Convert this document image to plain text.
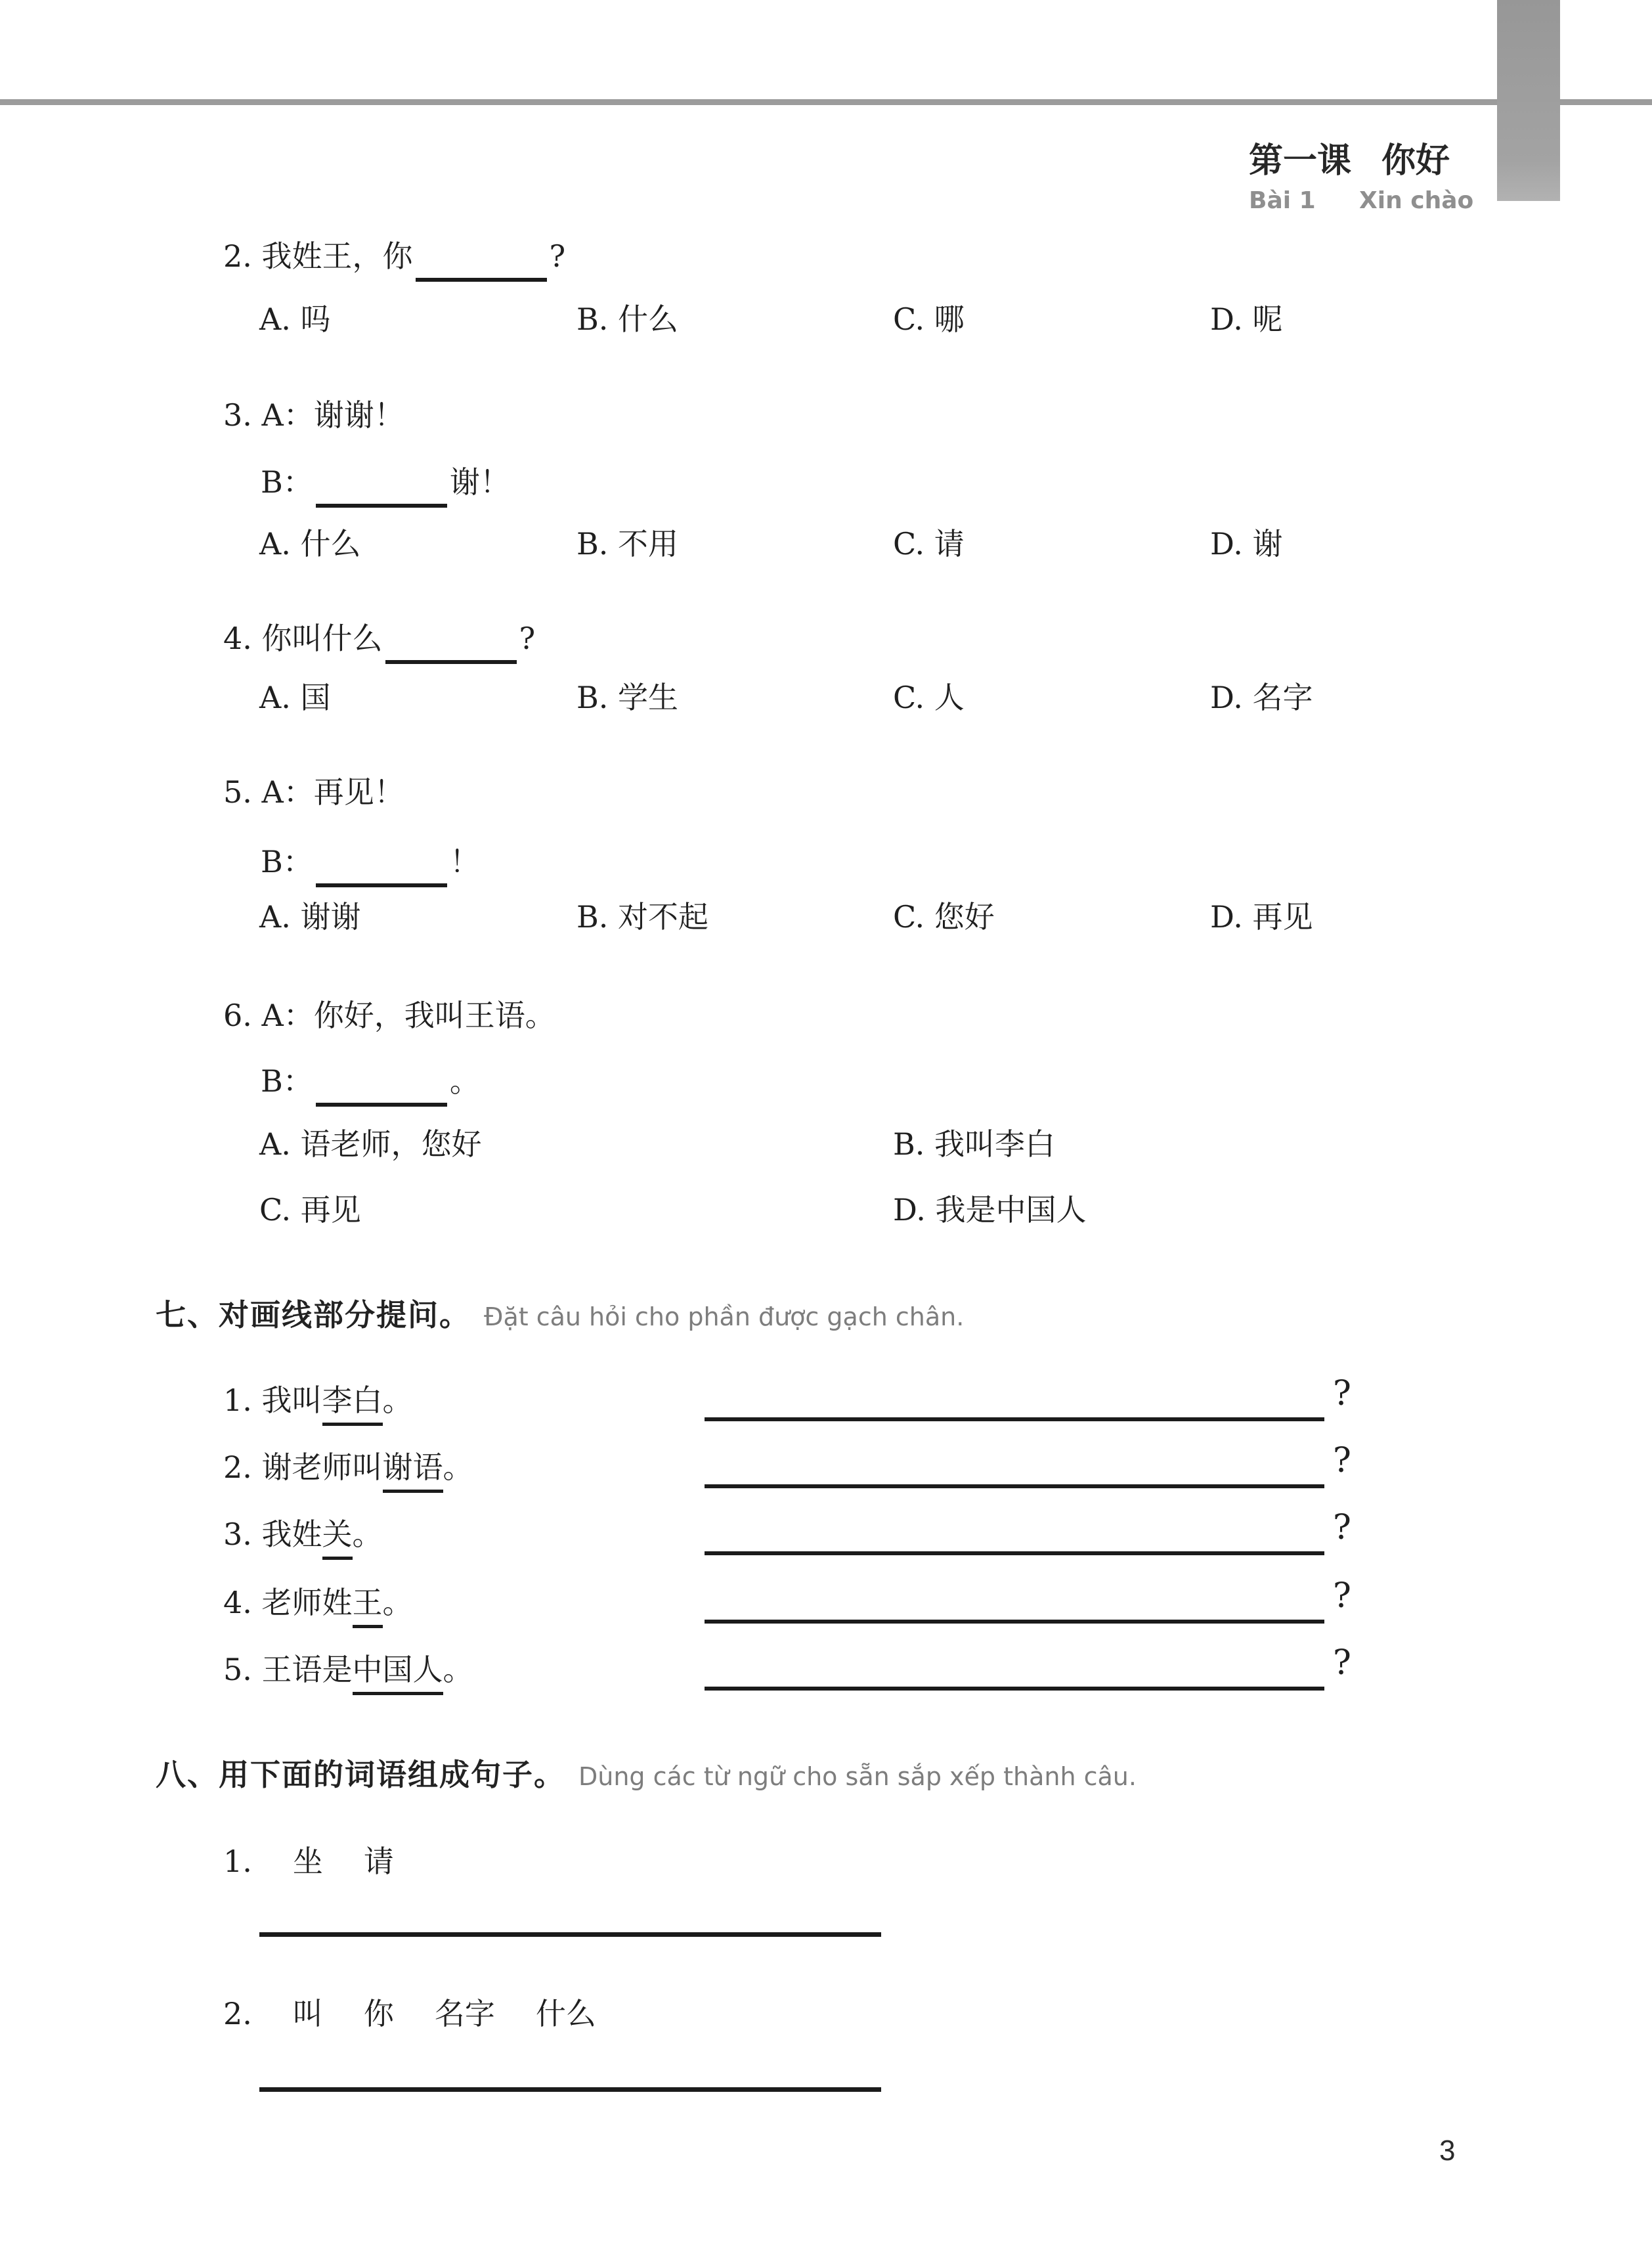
第一课 你好
Bài 1	Xin chào
2. 我姓王，你	?
A. 吗	B. 什么	C. 哪	D. 呢
3. A：谢谢！
B：	谢！
A. 什么	B. 不用	C. 请	D. 谢
4. 你叫什么	?
A. 国	B. 学生	C. 人	D. 名字
5. A：再见！
B：	！
A. 谢谢	B. 对不起	C. 您好	D. 再见
6. A：你好，我叫王语。
B：	。
A. 语老师，您好	B. 我叫李白
C. 再见	D. 我是中国人
七、对画线部分提问。 Đặt câu hỏi cho phần được gạch chân.
1. 我叫李白。	?
2. 谢老师叫谢语。	?
3. 我姓关。	?
4. 老师姓王。	?
5. 王语是中国人。	?
八、用下面的词语组成句子。 Dùng các từ ngữ cho sẵn sắp xếp thành câu.
1. 坐 请
2. 叫 你 名字 什么
3
